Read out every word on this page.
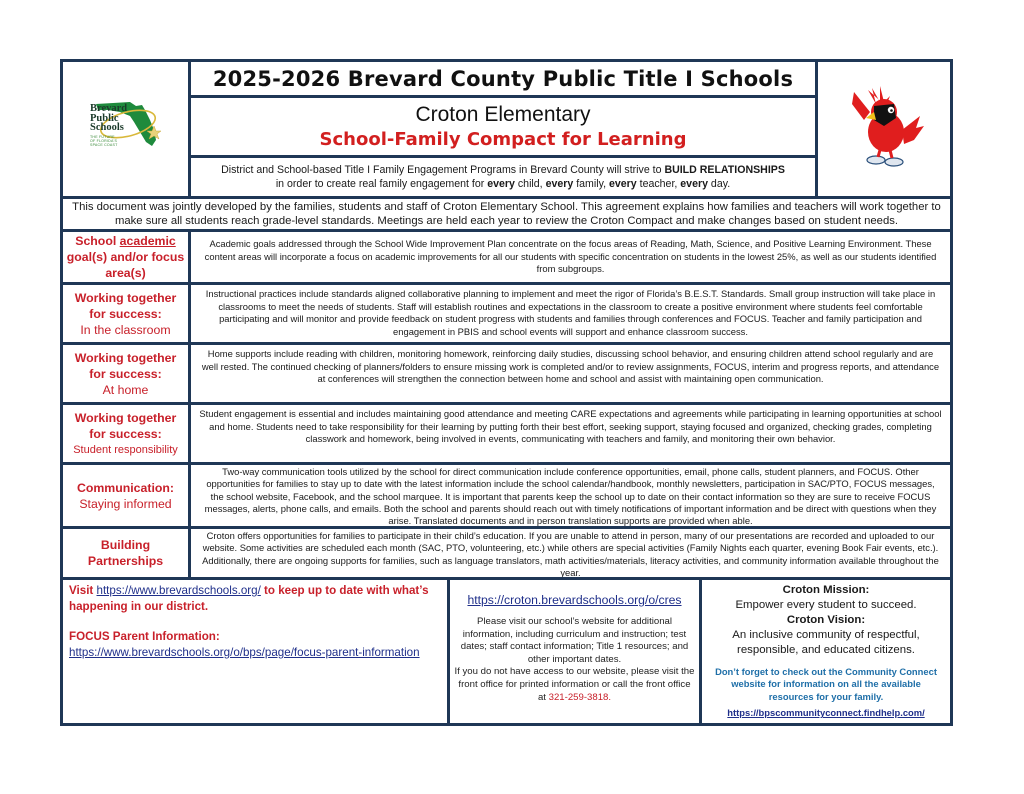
Brevard
Public
Schools
THE FUTURE
OF FLORIDA'S
SPACE COAST
2025-2026 Brevard County Public Title I Schools
Croton Elementary
School-Family Compact for Learning
District and School-based Title I Family Engagement Programs in Brevard County will strive to BUILD RELATIONSHIPS
in order to create real family engagement for every child, every family, every teacher, every day.
This document was jointly developed by the families, students and staff of Croton Elementary School. This agreement explains how families and teachers will work together to
make sure all students reach grade-level standards. Meetings are held each year to review the Croton Compact and make changes based on student needs.
School academic
goal(s) and/or focus area(s)
Academic goals addressed through the School Wide Improvement Plan concentrate on the focus areas of Reading, Math, Science, and Positive Learning Environment. These content areas will incorporate a focus on academic improvements for all our students with specific concentration on students in the lowest 25%, as well as our students identified from subgroups.
Working together for success:
In the classroom
Instructional practices include standards aligned collaborative planning to implement and meet the rigor of Florida’s B.E.S.T. Standards. Small group instruction will take place in classrooms to meet the needs of students. Staff will establish routines and expectations in the classroom to create a positive environment where students feel comfortable participating and will monitor and provide feedback on student progress with students and families through conferences and FOCUS. Teacher and family participation and engagement in PBIS and school events will support and enhance classroom success.
Working together for success:
At home
Home supports include reading with children, monitoring homework, reinforcing daily studies, discussing school behavior, and ensuring children attend school regularly and are well rested. The continued checking of planners/folders to ensure missing work is completed and/or to review assignments, FOCUS, interim and progress reports, and attendance at conferences will strengthen the connection between home and school and assist with maintaining open communication.
Working together for success:
Student responsibility
Student engagement is essential and includes maintaining good attendance and meeting CARE expectations and agreements while participating in learning opportunities at school and home. Students need to take responsibility for their learning by putting forth their best effort, seeking support, staying focused and organized, checking grades, completing classwork and homework, being involved in events, communicating with teachers and family, and monitoring their own behavior.
Communication:
Staying informed
Two-way communication tools utilized by the school for direct communication include conference opportunities, email, phone calls, student planners, and FOCUS. Other opportunities for families to stay up to date with the latest information include the school calendar/handbook, monthly newsletters, participation in SAC/PTO, FOCUS messages, the school website, Facebook, and the school marquee. It is important that parents keep the school up to date on their contact information so they are sure to receive FOCUS messages, alerts, phone calls, and emails. Both the school and parents should reach out with timely notifications of important information and be direct with questions when they arise. Translated documents and in person translation supports are provided when able.
Building Partnerships
Croton offers opportunities for families to participate in their child’s education. If you are unable to attend in person, many of our presentations are recorded and uploaded to our website. Some activities are scheduled each month (SAC, PTO, volunteering, etc.) while others are special activities (Family Nights each quarter, evening Book Fair events, etc.). Additionally, there are ongoing supports for families, such as language translators, math activities/materials, literacy activities, and community information available throughout the year.
Visit https://www.brevardschools.org/ to keep up to date with what’s happening in our district.
FOCUS Parent Information:
https://www.brevardschools.org/o/bps/page/focus-parent-information
https://croton.brevardschools.org/o/cres
Please visit our school’s website for additional information, including curriculum and instruction; test dates; staff contact information; Title 1 resources; and other important dates.
If you do not have access to our website, please visit the front office for printed information or call the front office at 321-259-3818.
Croton Mission:
Empower every student to succeed.
Croton Vision:
An inclusive community of respectful, responsible, and educated citizens.
Don’t forget to check out the Community Connect website for information on all the available resources for your family.
https://bpscommunityconnect.findhelp.com/
